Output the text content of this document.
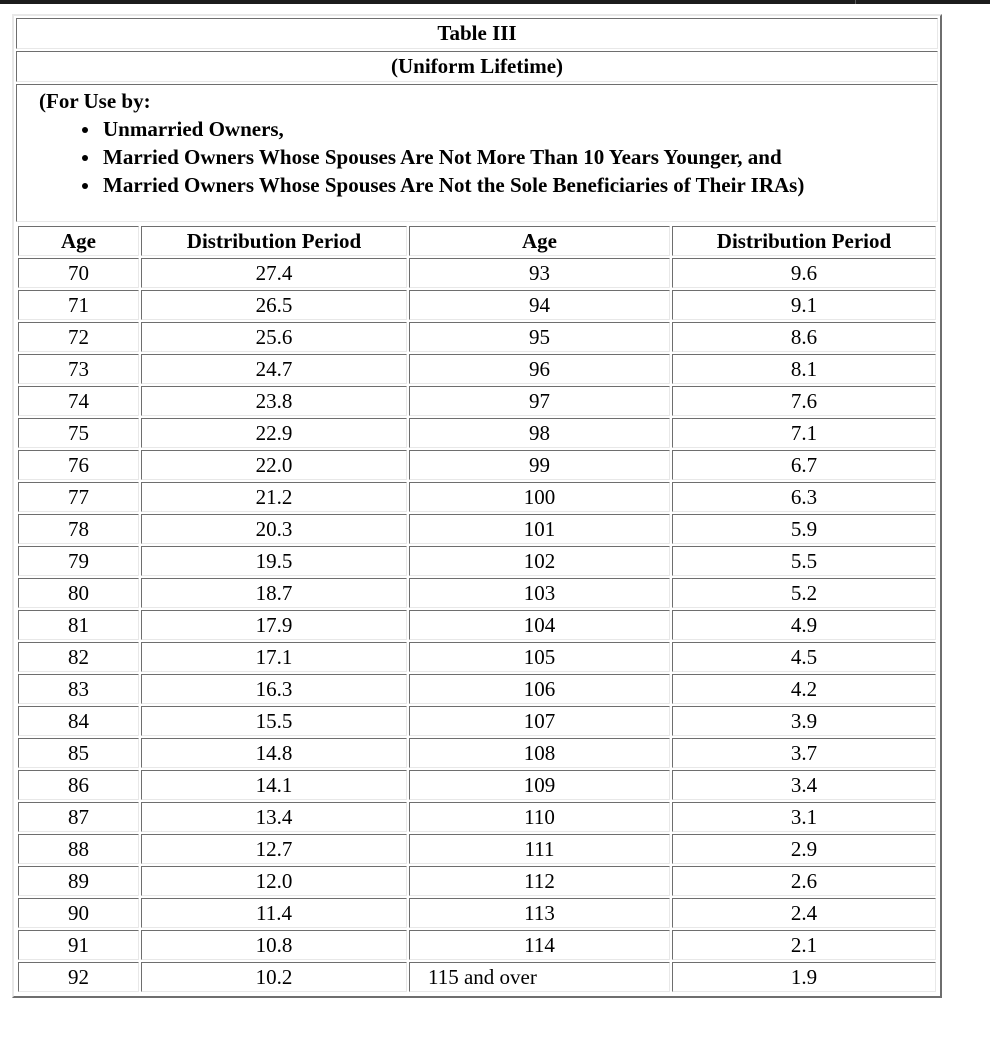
Table III
(Uniform Lifetime)

(For Use by:
• Unmarried Owners,
• Married Owners Whose Spouses Are Not More Than 10 Years Younger, and
• Married Owners Whose Spouses Are Not the Sole Beneficiaries of Their IRAs)

Age	Distribution Period	Age	Distribution Period
70	27.4	93	9.6
71	26.5	94	9.1
72	25.6	95	8.6
73	24.7	96	8.1
74	23.8	97	7.6
75	22.9	98	7.1
76	22.0	99	6.7
77	21.2	100	6.3
78	20.3	101	5.9
79	19.5	102	5.5
80	18.7	103	5.2
81	17.9	104	4.9
82	17.1	105	4.5
83	16.3	106	4.2
84	15.5	107	3.9
85	14.8	108	3.7
86	14.1	109	3.4
87	13.4	110	3.1
88	12.7	111	2.9
89	12.0	112	2.6
90	11.4	113	2.4
91	10.8	114	2.1
92	10.2	115 and over	1.9
